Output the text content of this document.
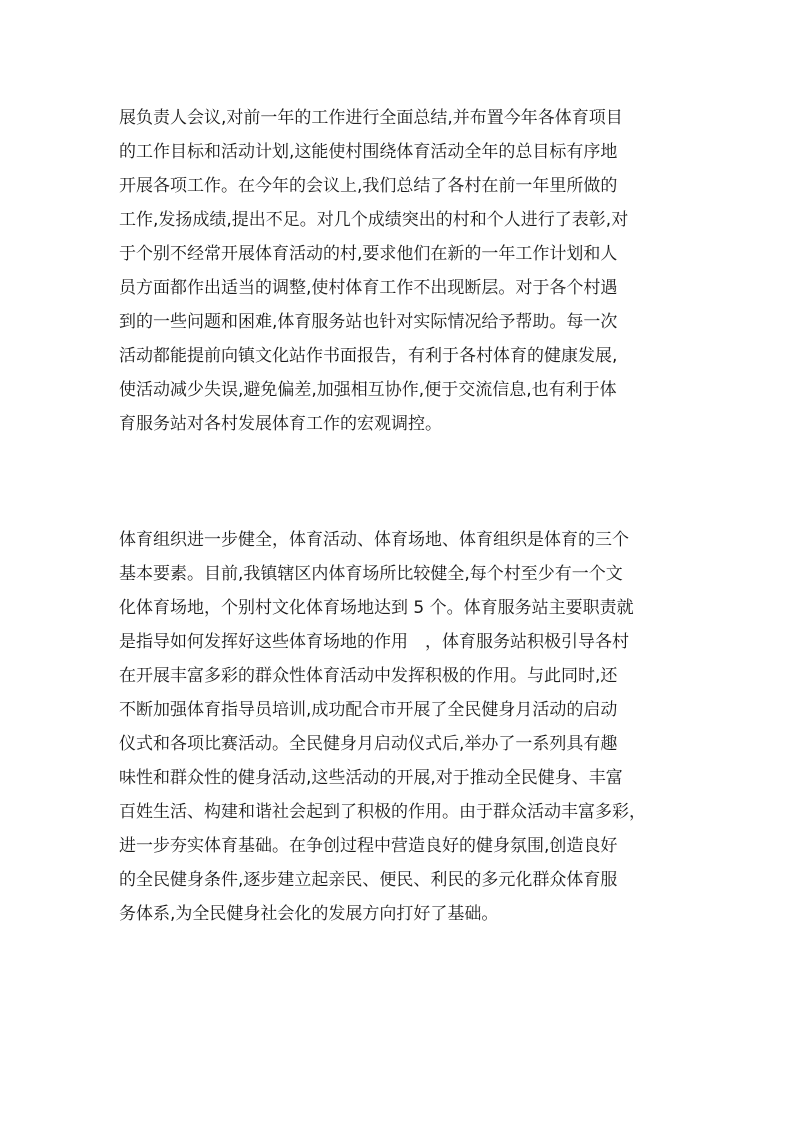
展负责人会议,对前一年的工作进行全面总结,并布置今年各体育项目
的工作目标和活动计划,这能使村围绕体育活动全年的总目标有序地
开展各项工作。在今年的会议上,我们总结了各村在前一年里所做的
工作,发扬成绩,提出不足。对几个成绩突出的村和个人进行了表彰,对
于个别不经常开展体育活动的村,要求他们在新的一年工作计划和人
员方面都作出适当的调整,使村体育工作不出现断层。对于各个村遇
到的一些问题和困难,体育服务站也针对实际情况给予帮助。每一次
活动都能提前向镇文化站作书面报告，有利于各村体育的健康发展,
使活动减少失误,避免偏差,加强相互协作,便于交流信息,也有利于体
育服务站对各村发展体育工作的宏观调控。
体育组织进一步健全，体育活动、体育场地、体育组织是体育的三个
基本要素。目前,我镇辖区内体育场所比较健全,每个村至少有一个文
化体育场地，个别村文化体育场地达到 5 个。体育服务站主要职责就
是指导如何发挥好这些体育场地的作用　，体育服务站积极引导各村
在开展丰富多彩的群众性体育活动中发挥积极的作用。与此同时,还
不断加强体育指导员培训,成功配合市开展了全民健身月活动的启动
仪式和各项比赛活动。全民健身月启动仪式后,举办了一系列具有趣
味性和群众性的健身活动,这些活动的开展,对于推动全民健身、丰富
百姓生活、构建和谐社会起到了积极的作用。由于群众活动丰富多彩，
进一步夯实体育基础。在争创过程中营造良好的健身氛围,创造良好
的全民健身条件,逐步建立起亲民、便民、利民的多元化群众体育服
务体系,为全民健身社会化的发展方向打好了基础。
